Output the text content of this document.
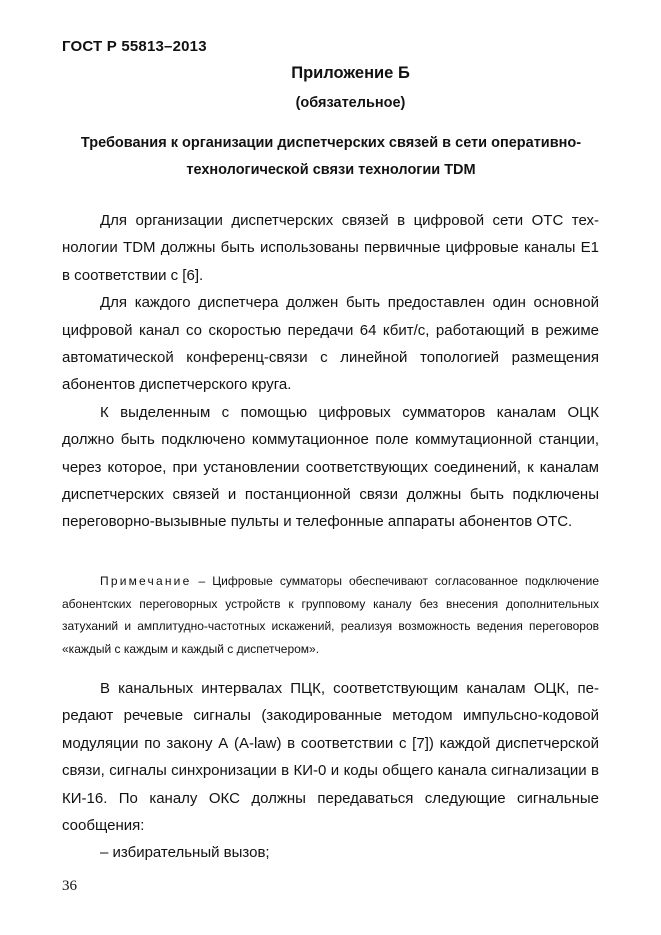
ГОСТ Р 55813–2013
Приложение Б
(обязательное)
Требования к организации диспетчерских связей в сети оперативно-
технологической связи технологии TDM

Для организации диспетчерских связей в цифровой сети ОТС технологии TDM должны быть использованы первичные цифровые каналы Е1 в соответствии с [6].

Для каждого диспетчера должен быть предоставлен один основной цифровой канал со скоростью передачи 64 кбит/с, работающий в режиме автоматической конференц-связи с линейной топологией размещения абонентов диспетчерского круга.

К выделенным с помощью цифровых сумматоров каналам ОЦК должно быть подключено коммутационное поле коммутационной станции, через которое, при установлении соответствующих соединений, к каналам диспетчерских связей и постанционной связи должны быть подключены переговорно-вызывные пульты и телефонные аппараты абонентов ОТС.

Примечание – Цифровые сумматоры обеспечивают согласованное подключение абонентских переговорных устройств к групповому каналу без внесения дополнительных затуханий и амплитудно-частотных искажений, реализуя возможность ведения переговоров «каждый с каждым и каждый с диспетчером».

В канальных интервалах ПЦК, соответствующим каналам ОЦК, передают речевые сигналы (закодированные методом импульсно-кодовой модуляции по закону А (A-law) в соответствии с [7]) каждой диспетчерской связи, сигналы синхронизации в КИ-0 и коды общего канала сигнализации в КИ-16. По каналу ОКС должны передаваться следующие сигнальные сообщения:

– избирательный вызов;

36
